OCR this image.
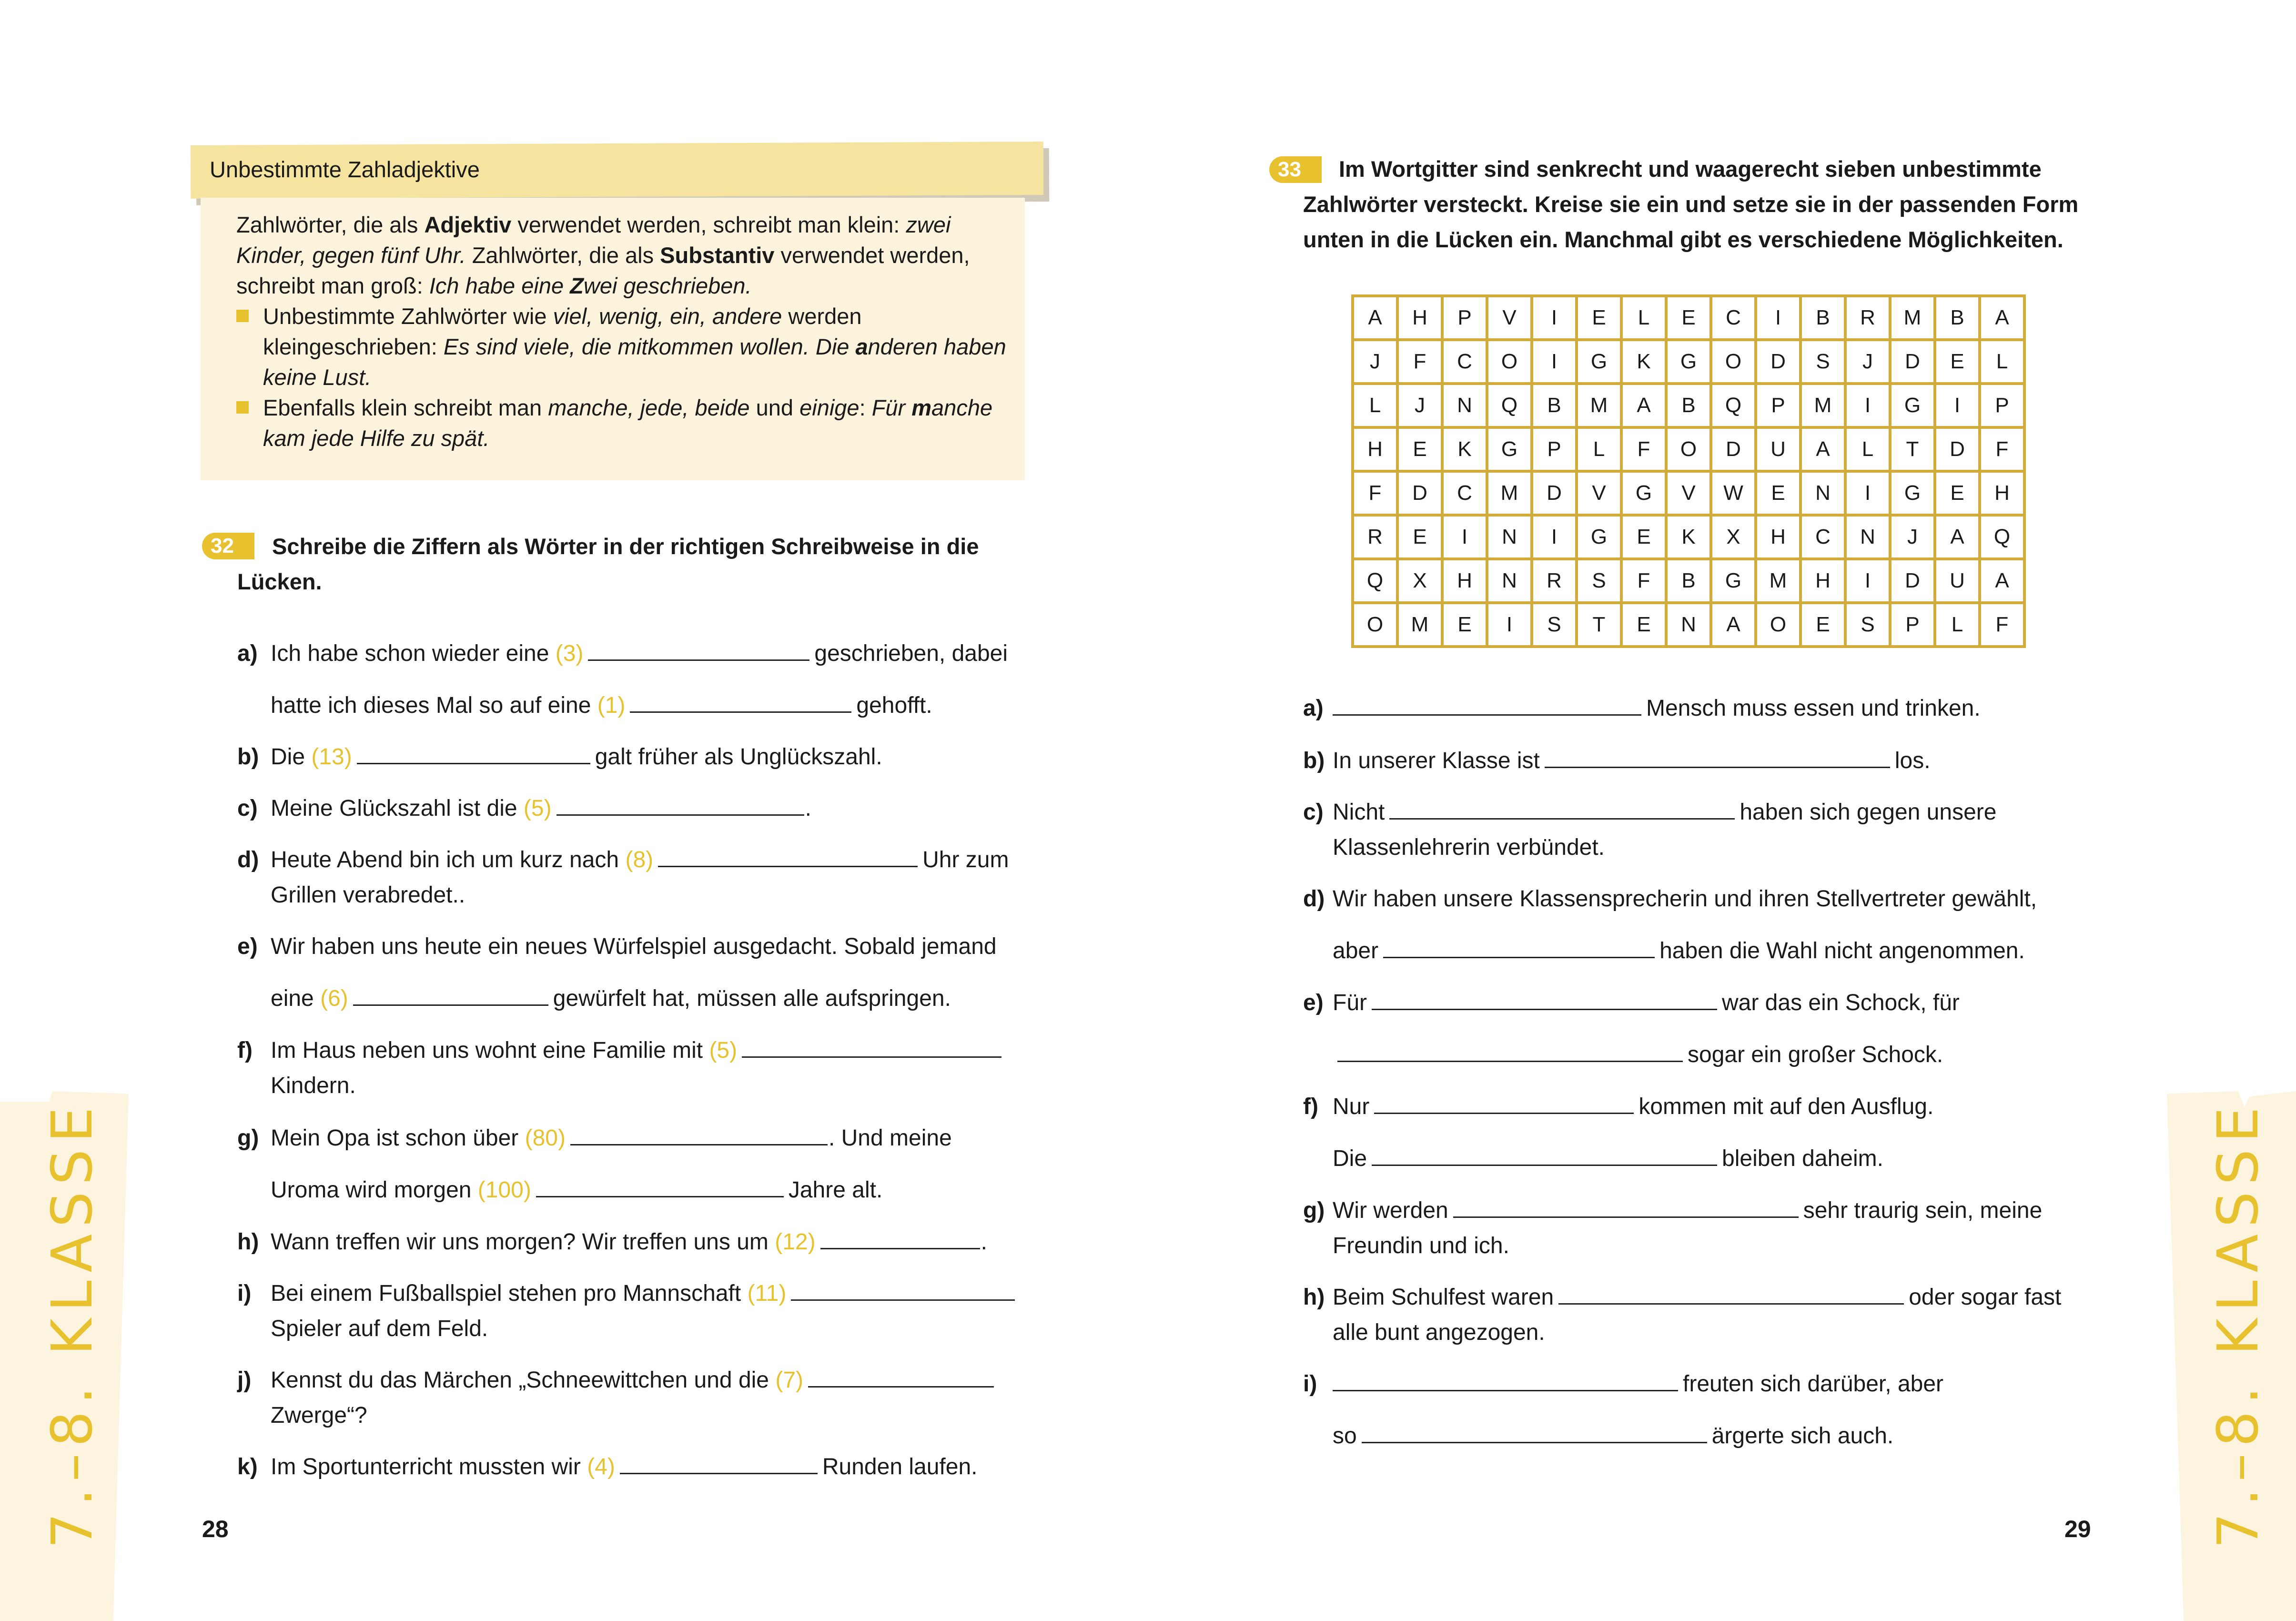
Unbestimmte Zahladjektive

Zahlwörter, die als Adjektiv verwendet werden, schreibt man klein: zwei Kinder, gegen fünf Uhr. Zahlwörter, die als Substantiv verwendet werden, schreibt man groß: Ich habe eine Zwei geschrieben.

Unbestimmte Zahlwörter wie viel, wenig, ein, andere werden kleingeschrieben: Es sind viele, die mitkommen wollen. Die anderen haben keine Lust.

Ebenfalls klein schreibt man manche, jede, beide und einige: Für manche kam jede Hilfe zu spät.

32	Schreibe die Ziffern als Wörter in der richtigen Schreibweise in die
Lücken.
a) Ich habe schon wieder eine (3)	geschrieben, dabei
hatte ich dieses Mal so auf eine (1)	gehofft.
b) Die (13)	galt früher als Unglückszahl.
c) Meine Glückszahl ist die (5)	.
d) Heute Abend bin ich um kurz nach (8)	Uhr zum
Grillen verabredet..
e) Wir haben uns heute ein neues Würfelspiel ausgedacht. Sobald jemand
eine (6)	gewürfelt hat, müssen alle aufspringen.
f) Im Haus neben uns wohnt eine Familie mit (5)
Kindern.
g) Mein Opa ist schon über (80)	. Und meine
Uroma wird morgen (100)	Jahre alt.
h) Wann treffen wir uns morgen? Wir treffen uns um (12)	.
i) Bei einem Fußballspiel stehen pro Mannschaft (11)
Spieler auf dem Feld.
j) Kennst du das Märchen „Schneewittchen und die (7)
Zwerge“?
k) Im Sportunterricht mussten wir (4)	Runden laufen.
28
7.–8. KLASSE
33	Im Wortgitter sind senkrecht und waagerecht sieben unbestimmte
Zahlwörter versteckt. Kreise sie ein und setze sie in der passenden Form
unten in die Lücken ein. Manchmal gibt es verschiedene Möglichkeiten.
A	H	P	V	I	E	L	E	C	I	B	R	M	B	A
J	F	C	O	I	G	K	G	O	D	S	J	D	E	L
L	J	N	Q	B	M	A	B	Q	P	M	I	G	I	P
H	E	K	G	P	L	F	O	D	U	A	L	T	D	F
F	D	C	M	D	V	G	V	W	E	N	I	G	E	H
R	E	I	N	I	G	E	K	X	H	C	N	J	A	Q
Q	X	H	N	R	S	F	B	G	M	H	I	D	U	A
O	M	E	I	S	T	E	N	A	O	E	S	P	L	F
a)	Mensch muss essen und trinken.
b) In unserer Klasse ist	los.
c) Nicht	haben sich gegen unsere
Klassenlehrerin verbündet.
d) Wir haben unsere Klassensprecherin und ihren Stellvertreter gewählt,
aber	haben die Wahl nicht angenommen.
e) Für	war das ein Schock, für
sogar ein großer Schock.
f) Nur	kommen mit auf den Ausflug.
Die	bleiben daheim.
g) Wir werden	sehr traurig sein, meine
Freundin und ich.
h) Beim Schulfest waren	oder sogar fast
alle bunt angezogen.
i)	freuten sich darüber, aber
so	ärgerte sich auch.
29 7.–8. KLASSE
